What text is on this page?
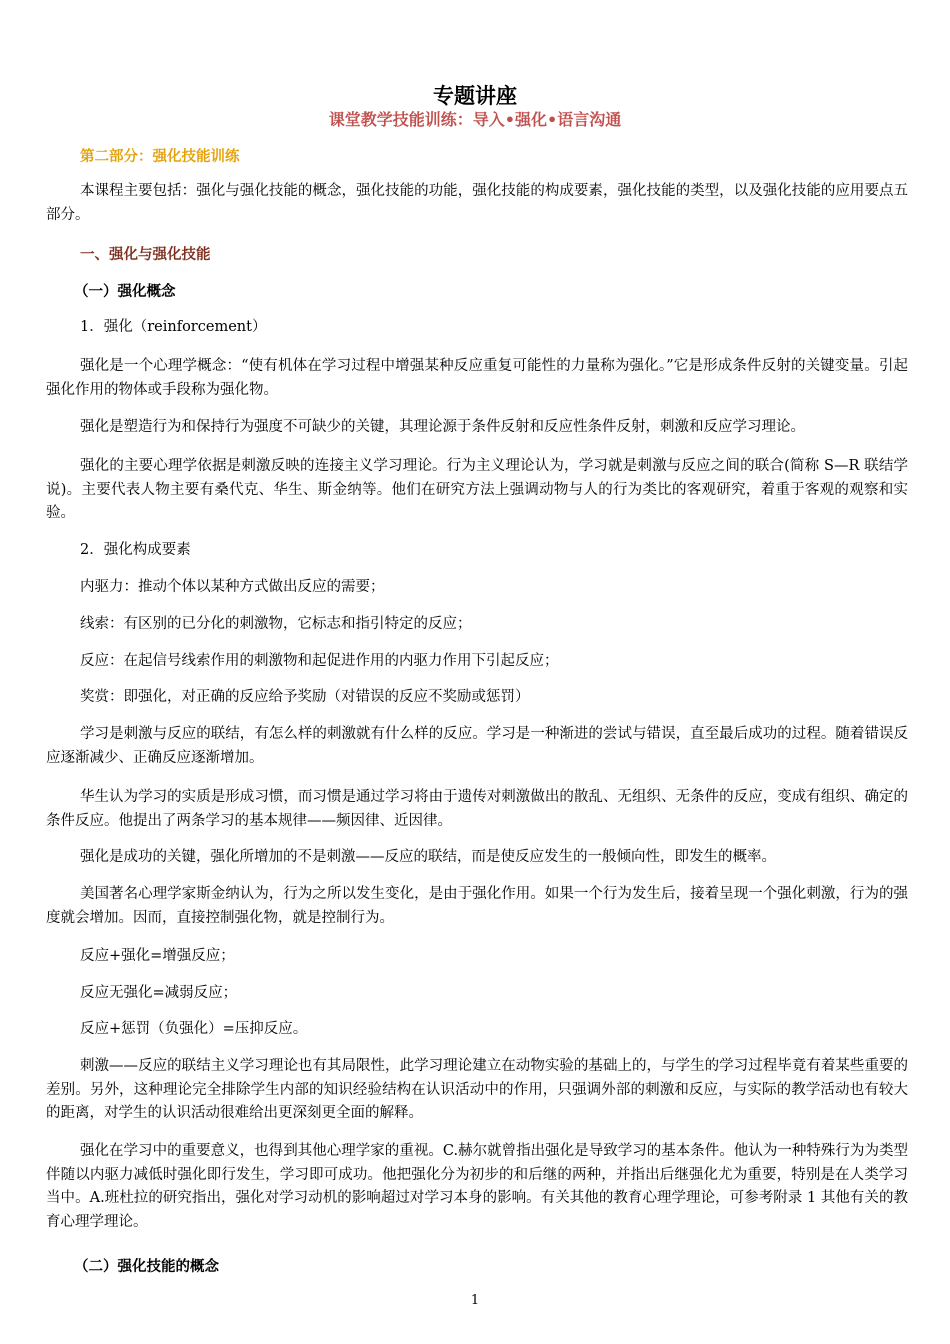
专题讲座
课堂教学技能训练：导入•强化•语言沟通
第二部分：强化技能训练
本课程主要包括：强化与强化技能的概念，强化技能的功能，强化技能的构成要素，强化技能的类型，以及强化技能的应用要点五部分。
一、强化与强化技能
（一）强化概念
1．强化（reinforcement）
强化是一个心理学概念：“使有机体在学习过程中增强某种反应重复可能性的力量称为强化。”它是形成条件反射的关键变量。引起强化作用的物体或手段称为强化物。
强化是塑造行为和保持行为强度不可缺少的关键，其理论源于条件反射和反应性条件反射，刺激和反应学习理论。
强化的主要心理学依据是刺激反映的连接主义学习理论。行为主义理论认为，学习就是刺激与反应之间的联合(简称 S—R 联结学说)。主要代表人物主要有桑代克、华生、斯金纳等。他们在研究方法上强调动物与人的行为类比的客观研究，着重于客观的观察和实验。
2．强化构成要素
内驱力：推动个体以某种方式做出反应的需要；
线索：有区别的已分化的刺激物，它标志和指引特定的反应；
反应：在起信号线索作用的刺激物和起促进作用的内驱力作用下引起反应；
奖赏：即强化，对正确的反应给予奖励（对错误的反应不奖励或惩罚）
学习是刺激与反应的联结，有怎么样的刺激就有什么样的反应。学习是一种渐进的尝试与错误，直至最后成功的过程。随着错误反应逐渐减少、正确反应逐渐增加。
华生认为学习的实质是形成习惯，而习惯是通过学习将由于遗传对刺激做出的散乱、无组织、无条件的反应，变成有组织、确定的条件反应。他提出了两条学习的基本规律——频因律、近因律。
强化是成功的关键，强化所增加的不是刺激——反应的联结，而是使反应发生的一般倾向性，即发生的概率。
美国著名心理学家斯金纳认为，行为之所以发生变化，是由于强化作用。如果一个行为发生后，接着呈现一个强化刺激，行为的强度就会增加。因而，直接控制强化物，就是控制行为。
反应+强化=增强反应；
反应无强化=减弱反应；
反应+惩罚（负强化）=压抑反应。
刺激——反应的联结主义学习理论也有其局限性，此学习理论建立在动物实验的基础上的，与学生的学习过程毕竟有着某些重要的差别。另外，这种理论完全排除学生内部的知识经验结构在认识活动中的作用，只强调外部的刺激和反应，与实际的教学活动也有较大的距离，对学生的认识活动很难给出更深刻更全面的解释。
强化在学习中的重要意义，也得到其他心理学家的重视。C.赫尔就曾指出强化是导致学习的基本条件。他认为一种特殊行为为类型伴随以内驱力减低时强化即行发生，学习即可成功。他把强化分为初步的和后继的两种，并指出后继强化尤为重要，特别是在人类学习当中。A.班杜拉的研究指出，强化对学习动机的影响超过对学习本身的影响。有关其他的教育心理学理论，可参考附录 1 其他有关的教育心理学理论。
（二）强化技能的概念
1
